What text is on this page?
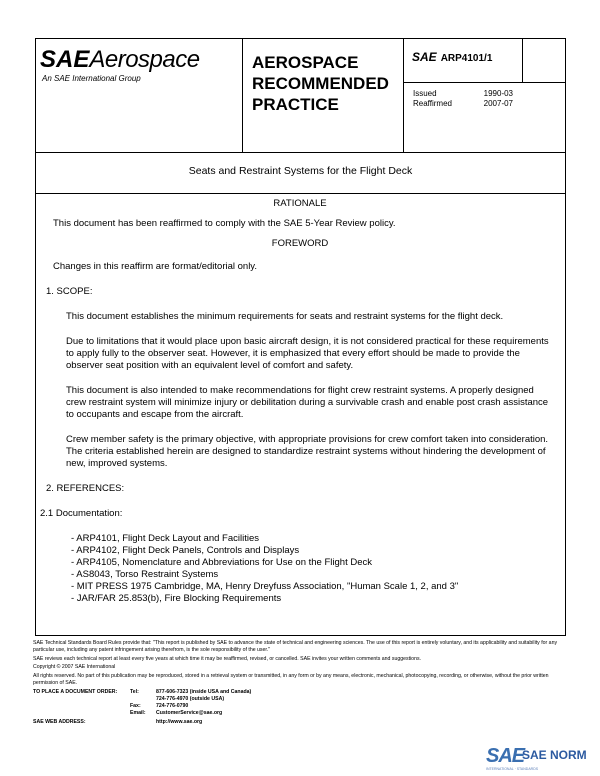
SAEAerospace
An SAE International Group
AEROSPACE
RECOMMENDED
PRACTICE
SAE ARP4101/1
Issued	1990-03
Reaffirmed	2007-07
Seats and Restraint Systems for the Flight Deck
RATIONALE
This document has been reaffirmed to comply with the SAE 5-Year Review policy.
FOREWORD
Changes in this reaffirm are format/editorial only.
1. SCOPE:
This document establishes the minimum requirements for seats and restraint systems for the flight deck.
Due to limitations that it would place upon basic aircraft design, it is not considered practical for these requirements to apply fully to the observer seat. However, it is emphasized that every effort should be made to provide the observer seat position with an equivalent level of comfort and safety.
This document is also intended to make recommendations for flight crew restraint systems. A properly designed crew restraint system will minimize injury or debilitation during a survivable crash and enable post crash assistance to occupants and escape from the aircraft.
Crew member safety is the primary objective, with appropriate provisions for crew comfort taken into consideration. The criteria established herein are designed to standardize restraint systems without hindering the development of new, improved systems.
2. REFERENCES:
2.1 Documentation:
- ARP4101, Flight Deck Layout and Facilities
- ARP4102, Flight Deck Panels, Controls and Displays
- ARP4105, Nomenclature and Abbreviations for Use on the Flight Deck
- AS8043, Torso Restraint Systems
- MIT PRESS 1975 Cambridge, MA, Henry Dreyfuss Association, "Human Scale 1, 2, and 3"
- JAR/FAR 25.853(b), Fire Blocking Requirements

SAE Technical Standards Board Rules provide that: "This report is published by SAE to advance the state of technical and engineering sciences. The use of this report is entirely voluntary, and its applicability and suitability for any particular use, including any patent infringement arising therefrom, is the sole responsibility of the user."

SAE reviews each technical report at least every five years at which time it may be reaffirmed, revised, or cancelled. SAE invites your written comments and suggestions.

Copyright © 2007 SAE International

All rights reserved. No part of this publication may be reproduced, stored in a retrieval system or transmitted, in any form or by any means, electronic, mechanical, photocopying, recording, or otherwise, without the prior written permission of SAE.

TO PLACE A DOCUMENT ORDER:	Tel:	877-606-7323 (inside USA and Canada)
724-776-4970 (outside USA)
Fax:	724-776-0790
Email:	CustomerService@sae.org
SAE WEB ADDRESS:	http://www.sae.org
SAE
SAE NORM
INTERNATIONAL · STANDARDS
